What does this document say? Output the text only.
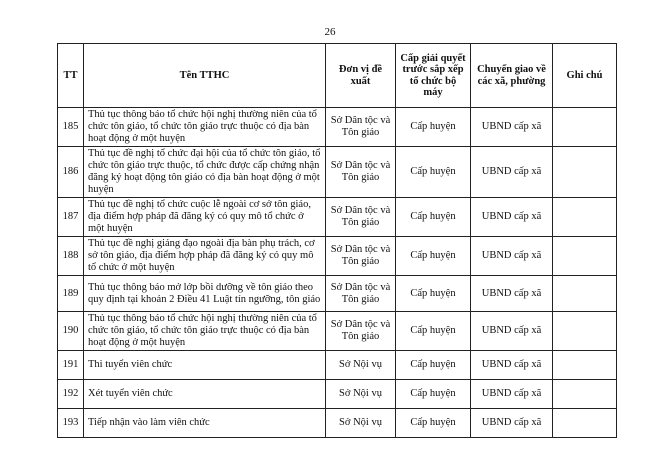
26
TT	Tên TTHC	Đơn vị đề xuất	Cấp giải quyết trước sắp xếp tổ chức bộ máy	Chuyển giao về các xã, phường	Ghi chú
185	Thủ tục thông báo tổ chức hội nghị thường niên của tổ chức tôn giáo, tổ chức tôn giáo trực thuộc có địa bàn hoạt động ở một huyện	Sở Dân tộc và Tôn giáo	Cấp huyện	UBND cấp xã	
186	Thủ tục đề nghị tổ chức đại hội của tổ chức tôn giáo, tổ chức tôn giáo trực thuộc, tổ chức được cấp chứng nhận đăng ký hoạt động tôn giáo có địa bàn hoạt động ở một huyện	Sở Dân tộc và Tôn giáo	Cấp huyện	UBND cấp xã	
187	Thủ tục đề nghị tổ chức cuộc lễ ngoài cơ sở tôn giáo, địa điểm hợp pháp đã đăng ký có quy mô tổ chức ở một huyện	Sở Dân tộc và Tôn giáo	Cấp huyện	UBND cấp xã	
188	Thủ tục đề nghị giảng đạo ngoài địa bàn phụ trách, cơ sở tôn giáo, địa điểm hợp pháp đã đăng ký có quy mô tổ chức ở một huyện	Sở Dân tộc và Tôn giáo	Cấp huyện	UBND cấp xã	
189	Thủ tục thông báo mở lớp bồi dưỡng về tôn giáo theo quy định tại khoản 2 Điều 41 Luật tín ngưỡng, tôn giáo	Sở Dân tộc và Tôn giáo	Cấp huyện	UBND cấp xã	
190	Thủ tục thông báo tổ chức hội nghị thường niên của tổ chức tôn giáo, tổ chức tôn giáo trực thuộc có địa bàn hoạt động ở một huyện	Sở Dân tộc và Tôn giáo	Cấp huyện	UBND cấp xã	
191	Thi tuyển viên chức	Sở Nội vụ	Cấp huyện	UBND cấp xã	
192	Xét tuyển viên chức	Sở Nội vụ	Cấp huyện	UBND cấp xã	
193	Tiếp nhận vào làm viên chức	Sở Nội vụ	Cấp huyện	UBND cấp xã	
